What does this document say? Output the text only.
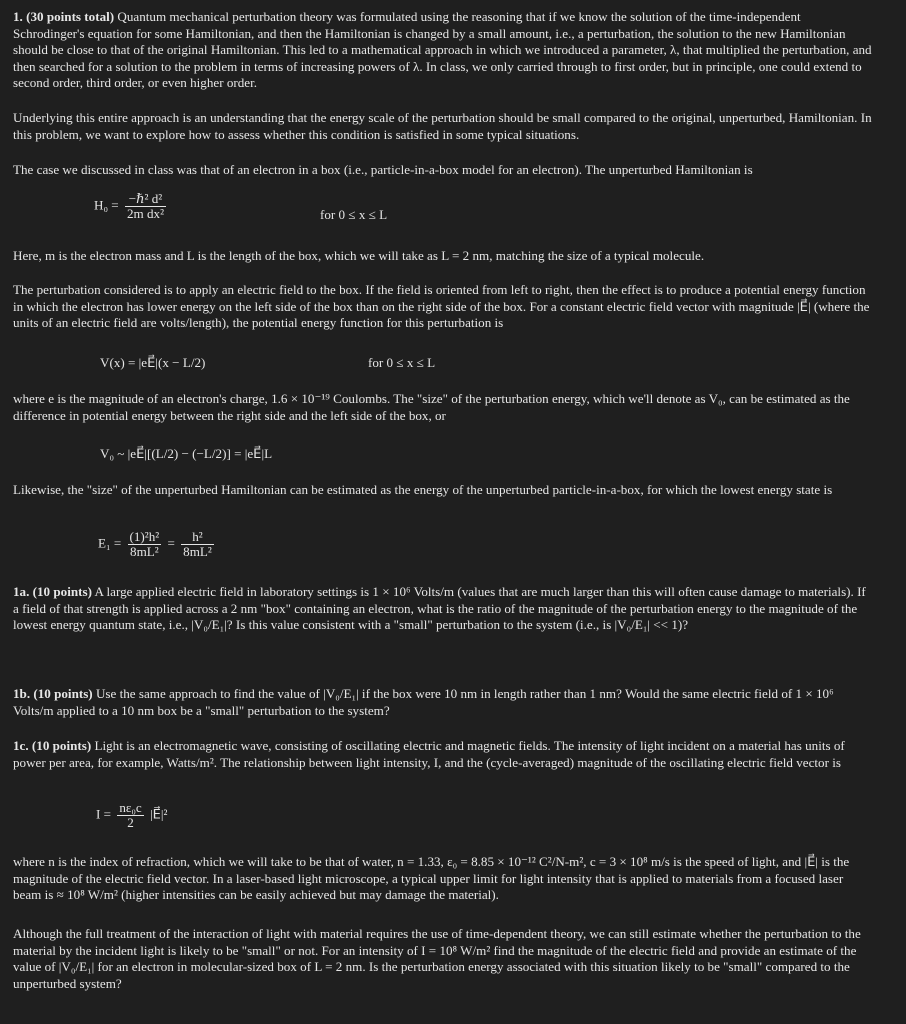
1. (30 points total) Quantum mechanical perturbation theory was formulated using the reasoning that if we know the solution of the time-independent Schrodinger's equation for some Hamiltonian, and then the Hamiltonian is changed by a small amount, i.e., a perturbation, the solution to the new Hamiltonian should be close to that of the original Hamiltonian. This led to a mathematical approach in which we introduced a parameter, λ, that multiplied the perturbation, and then searched for a solution to the problem in terms of increasing powers of λ. In class, we only carried through to first order, but in principle, one could extend to second order, third order, or even higher order.

Underlying this entire approach is an understanding that the energy scale of the perturbation should be small compared to the original, unperturbed, Hamiltonian. In this problem, we want to explore how to assess whether this condition is satisfied in some typical situations.

The case we discussed in class was that of an electron in a box (i.e., particle-in-a-box model for an electron). The unperturbed Hamiltonian is

$H_0 = \frac{\text{−ℏ² d²}}{\text{2m dx²}}$	for 0 ≤ x ≤ L

Here, m is the electron mass and L is the length of the box, which we will take as L = 2 nm, matching the size of a typical molecule.

The perturbation considered is to apply an electric field to the box. If the field is oriented from left to right, then the effect is to produce a potential energy function in which the electron has lower energy on the left side of the box than on the right side of the box. For a constant electric field vector with magnitude |E⃗| (where the units of an electric field are volts/length), the potential energy function for this perturbation is

V(x) = |eE⃗|(x − L/2)	for 0 ≤ x ≤ L

where e is the magnitude of an electron's charge, 1.6 × 10⁻¹⁹ Coulombs. The "size" of the perturbation energy, which we'll denote as V₀, can be estimated as the difference in potential energy between the right side and the left side of the box, or

V₀ ~ |eE⃗|[(L/2) − (−L/2)] = |eE⃗|L

Likewise, the "size" of the unperturbed Hamiltonian can be estimated as the energy of the unperturbed particle-in-a-box, for which the lowest energy state is

$E_1 = \frac{\text{(1)²h²}}{\text{8mL²}} = \frac{\text{h²}}{\text{8mL²}}$

1a. (10 points) A large applied electric field in laboratory settings is 1 × 10⁶ Volts/m (values that are much larger than this will often cause damage to materials). If a field of that strength is applied across a 2 nm "box" containing an electron, what is the ratio of the magnitude of the perturbation energy to the magnitude of the lowest energy quantum state, i.e., |V₀/E₁|? Is this value consistent with a "small" perturbation to the system (i.e., is |V₀/E₁| << 1)?

1b. (10 points) Use the same approach to find the value of |V₀/E₁| if the box were 10 nm in length rather than 1 nm? Would the same electric field of 1 × 10⁶ Volts/m applied to a 10 nm box be a "small" perturbation to the system?

1c. (10 points) Light is an electromagnetic wave, consisting of oscillating electric and magnetic fields. The intensity of light incident on a material has units of power per area, for example, Watts/m². The relationship between light intensity, I, and the (cycle-averaged) magnitude of the oscillating electric field vector is

$I = \frac{\text{nε₀c}}{2}$ |E⃗|²

where n is the index of refraction, which we will take to be that of water, n = 1.33, ε₀ = 8.85 × 10⁻¹² C²/N-m², c = 3 × 10⁸ m/s is the speed of light, and |E⃗| is the magnitude of the electric field vector. In a laser-based light microscope, a typical upper limit for light intensity that is applied to materials from a focused laser beam is ≈ 10⁸ W/m² (higher intensities can be easily achieved but may damage the material).

Although the full treatment of the interaction of light with material requires the use of time-dependent theory, we can still estimate whether the perturbation to the material by the incident light is likely to be "small" or not. For an intensity of I = 10⁸ W/m² find the magnitude of the electric field and provide an estimate of the value of |V₀/E₁| for an electron in molecular-sized box of L = 2 nm. Is the perturbation energy associated with this situation likely to be "small" compared to the unperturbed system?
